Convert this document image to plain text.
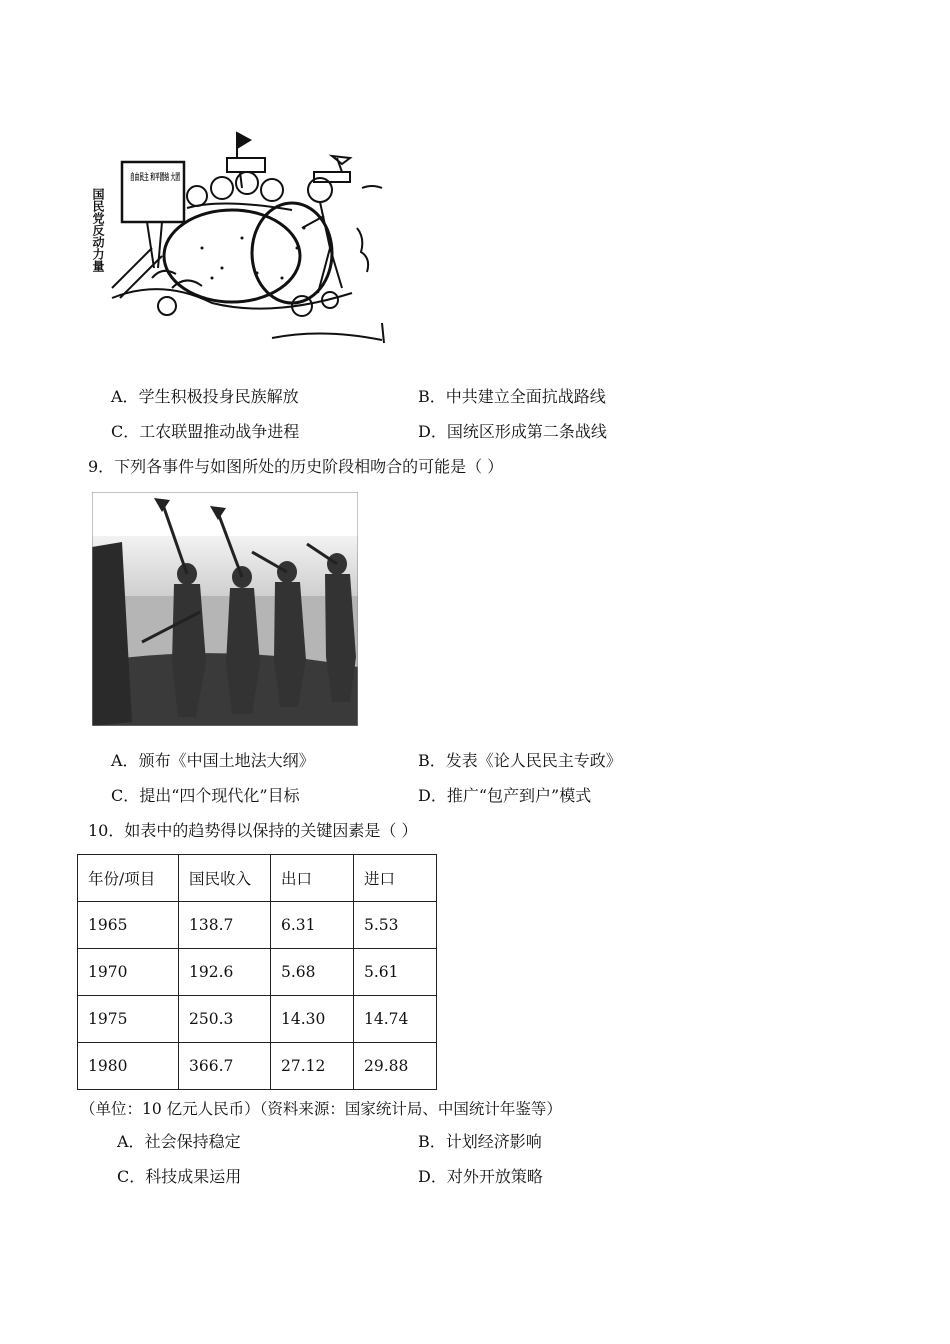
自由民主 和平团结 大团
国民党反动力量
A．学生积极投身民族解放	B．中共建立全面抗战路线
C．工农联盟推动战争进程	D．国统区形成第二条战线
9．下列各事件与如图所处的历史阶段相吻合的可能是（ ）
A．颁布《中国土地法大纲》	B．发表《论人民民主专政》
C．提出“四个现代化”目标	D．推广“包产到户”模式
10．如表中的趋势得以保持的关键因素是（ ）
年份/项目	国民收入	出口	进口
1965	138.7	6.31	5.53
1970	192.6	5.68	5.61
1975	250.3	14.30	14.74
1980	366.7	27.12	29.88
（单位：10 亿元人民币）（资料来源：国家统计局、中国统计年鉴等）
A．社会保持稳定	B．计划经济影响
C．科技成果运用	D．对外开放策略
